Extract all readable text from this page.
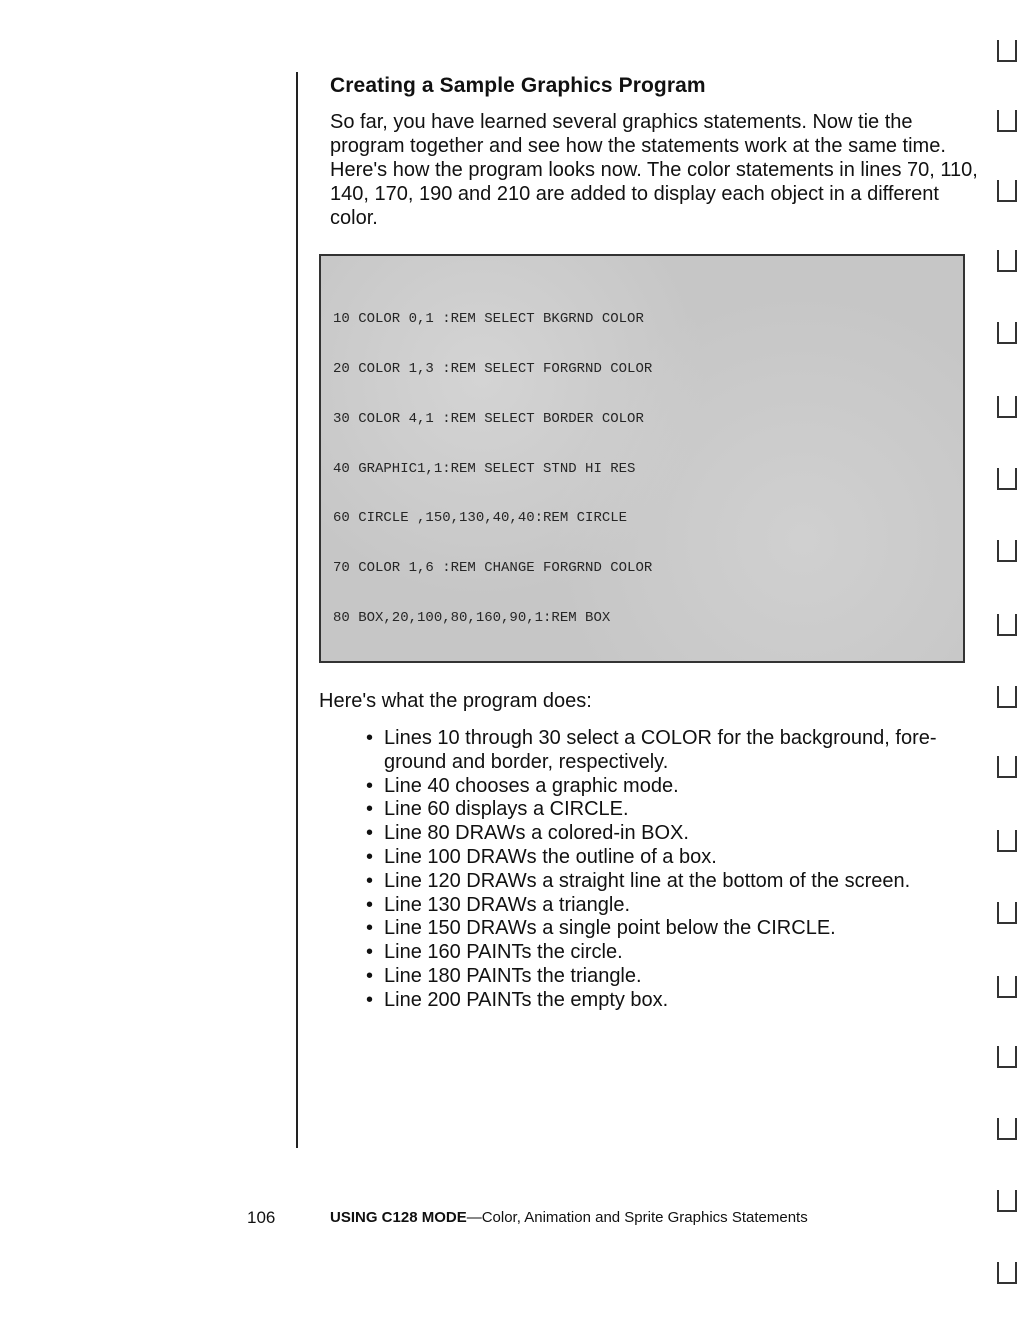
Creating a Sample Graphics Program

So far, you have learned several graphics statements. Now tie the program together and see how the statements work at the same time. Here's how the program looks now. The color statements in lines 70, 110, 140, 170, 190 and 210 are added to display each object in a different color.

10 COLOR 0,1 :REM SELECT BKGRND COLOR

20 COLOR 1,3 :REM SELECT FORGRND COLOR

30 COLOR 4,1 :REM SELECT BORDER COLOR

40 GRAPHIC1,1:REM SELECT STND HI RES

60 CIRCLE ,150,130,40,40:REM CIRCLE

70 COLOR 1,6 :REM CHANGE FORGRND COLOR

80 BOX,20,100,80,160,90,1:REM BOX

Here's what the program does:

• Lines 10 through 30 select a COLOR for the background, fore- ground and border, respectively.
• Line 40 chooses a graphic mode.
• Line 60 displays a CIRCLE.
• Line 80 DRAWs a colored-in BOX.
• Line 100 DRAWs the outline of a box.
• Line 120 DRAWs a straight line at the bottom of the screen.
• Line 130 DRAWs a triangle.
• Line 150 DRAWs a single point below the CIRCLE.
• Line 160 PAINTs the circle.
• Line 180 PAINTs the triangle.
• Line 200 PAINTs the empty box.
106	USING C128 MODE—Color, Animation and Sprite Graphics Statements
